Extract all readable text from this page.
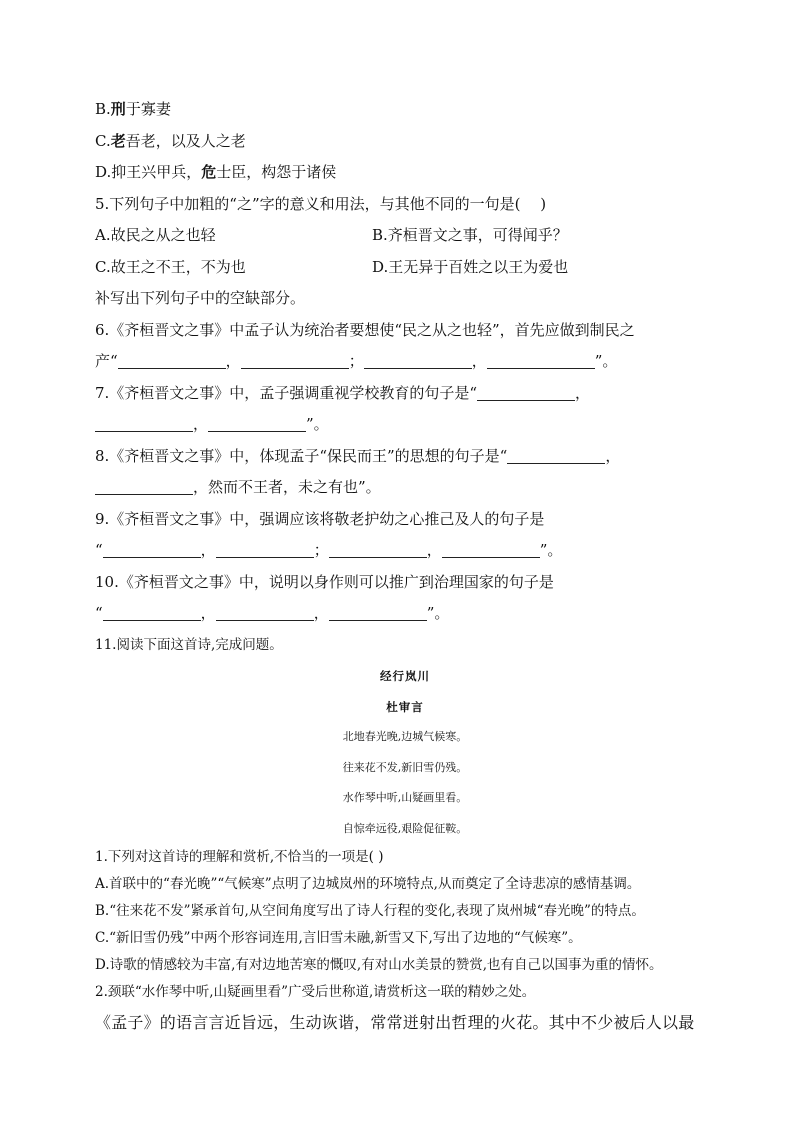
B.刑于寡妻
C.老吾老，以及人之老
D.抑王兴甲兵，危士臣，构怨于诸侯
5.下列句子中加粗的“之”字的意义和用法，与其他不同的一句是(　 )
A.故民之从之也轻	B.齐桓晋文之事，可得闻乎？
C.故王之不王，不为也	D.王无异于百姓之以王为爱也
补写出下列句子中的空缺部分。
6.《齐桓晋文之事》中孟子认为统治者要想使“民之从之也轻”，首先应做到制民之
产“	，	；	，	”。
7.《齐桓晋文之事》中，孟子强调重视学校教育的句子是“	，
，	”。
8.《齐桓晋文之事》中，体现孟子“保民而王”的思想的句子是“	，
，然而不王者，未之有也”。
9.《齐桓晋文之事》中，强调应该将敬老护幼之心推己及人的句子是
“	，	；	，	”。
10.《齐桓晋文之事》中，说明以身作则可以推广到治理国家的句子是
“	，	，	”。
11.阅读下面这首诗,完成问题。
经行岚川
杜审言
北地春光晚,边城气候寒。
往来花不发,新旧雪仍残。
水作琴中听,山疑画里看。
自惊牵远役,艰险促征鞍。
1.下列对这首诗的理解和赏析,不恰当的一项是( )
A.首联中的“春光晚”“气候寒”点明了边城岚州的环境特点,从而奠定了全诗悲凉的感情基调。
B.“往来花不发”紧承首句,从空间角度写出了诗人行程的变化,表现了岚州城“春光晚”的特点。
C.“新旧雪仍残”中两个形容词连用,言旧雪未融,新雪又下,写出了边地的“气候寒”。
D.诗歌的情感较为丰富,有对边地苦寒的慨叹,有对山水美景的赞赏,也有自己以国事为重的情怀。
2.颈联“水作琴中听,山疑画里看”广受后世称道,请赏析这一联的精妙之处。
《孟子》的语言言近旨远，生动诙谐，常常迸射出哲理的火花。其中不少被后人以最
